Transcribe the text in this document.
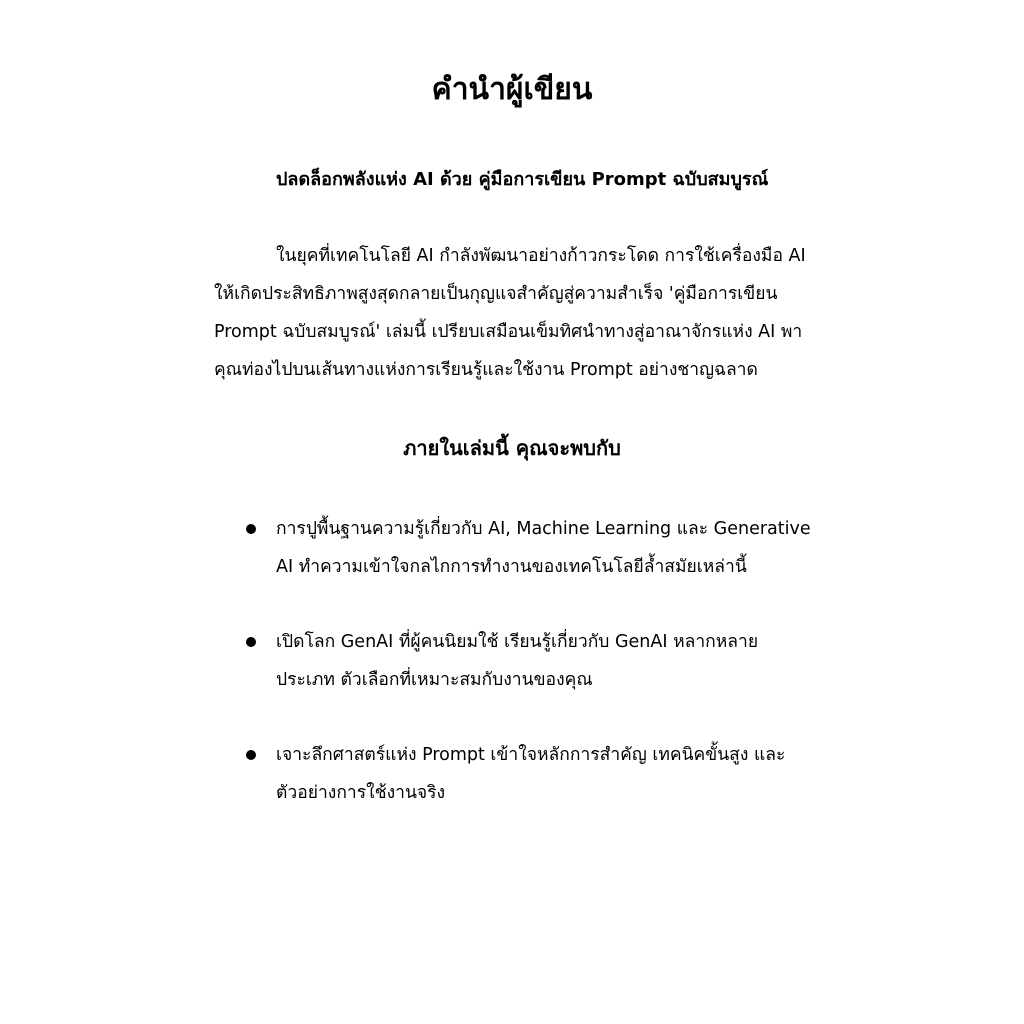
คำนำผู้เขียน
ปลดล็อกพลังแห่ง AI ด้วย คู่มือการเขียน Prompt ฉบับสมบูรณ์

ในยุคที่เทคโนโลยี AI กำลังพัฒนาอย่างก้าวกระโดด การใช้เครื่องมือ AI ให้เกิดประสิทธิภาพสูงสุดกลายเป็นกุญแจสำคัญสู่ความสำเร็จ 'คู่มือการเขียน Prompt ฉบับสมบูรณ์' เล่มนี้ เปรียบเสมือนเข็มทิศนำทางสู่อาณาจักรแห่ง AI พาคุณท่องไปบนเส้นทางแห่งการเรียนรู้และใช้งาน Prompt อย่างชาญฉลาด

ภายในเล่มนี้ คุณจะพบกับ
การปูพื้นฐานความรู้เกี่ยวกับ AI, Machine Learning และ Generative AI ทำความเข้าใจกลไกการทำงานของเทคโนโลยีล้ำสมัยเหล่านี้
เปิดโลก GenAI ที่ผู้คนนิยมใช้ เรียนรู้เกี่ยวกับ GenAI หลากหลายประเภท ตัวเลือกที่เหมาะสมกับงานของคุณ
เจาะลึกศาสตร์แห่ง Prompt เข้าใจหลักการสำคัญ เทคนิคขั้นสูง และตัวอย่างการใช้งานจริง
